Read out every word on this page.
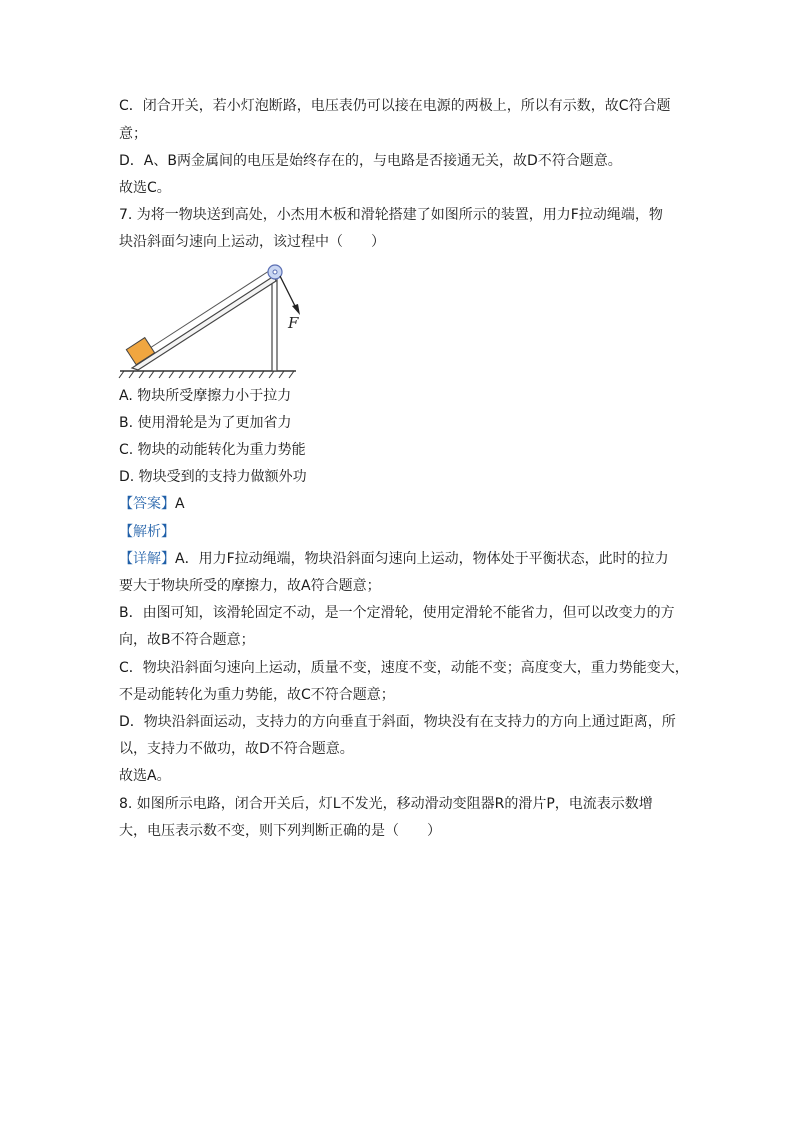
C．闭合开关，若小灯泡断路，电压表仍可以接在电源的两极上，所以有示数，故C符合题
意；
D．A、B两金属间的电压是始终存在的，与电路是否接通无关，故D不符合题意。
故选C。
7. 为将一物块送到高处，小杰用木板和滑轮搭建了如图所示的装置，用力F拉动绳端，物
块沿斜面匀速向上运动，该过程中（　　）
F
A. 物块所受摩擦力小于拉力
B. 使用滑轮是为了更加省力
C. 物块的动能转化为重力势能
D. 物块受到的支持力做额外功
【答案】A
【解析】
【详解】A．用力F拉动绳端，物块沿斜面匀速向上运动，物体处于平衡状态，此时的拉力
要大于物块所受的摩擦力，故A符合题意；
B．由图可知，该滑轮固定不动，是一个定滑轮，使用定滑轮不能省力，但可以改变力的方
向，故B不符合题意；
C．物块沿斜面匀速向上运动，质量不变，速度不变，动能不变；高度变大，重力势能变大，
不是动能转化为重力势能，故C不符合题意；
D．物块沿斜面运动，支持力的方向垂直于斜面，物块没有在支持力的方向上通过距离，所
以，支持力不做功，故D不符合题意。
故选A。
8. 如图所示电路，闭合开关后，灯L不发光，移动滑动变阻器R的滑片P，电流表示数增
大，电压表示数不变，则下列判断正确的是（　　）
